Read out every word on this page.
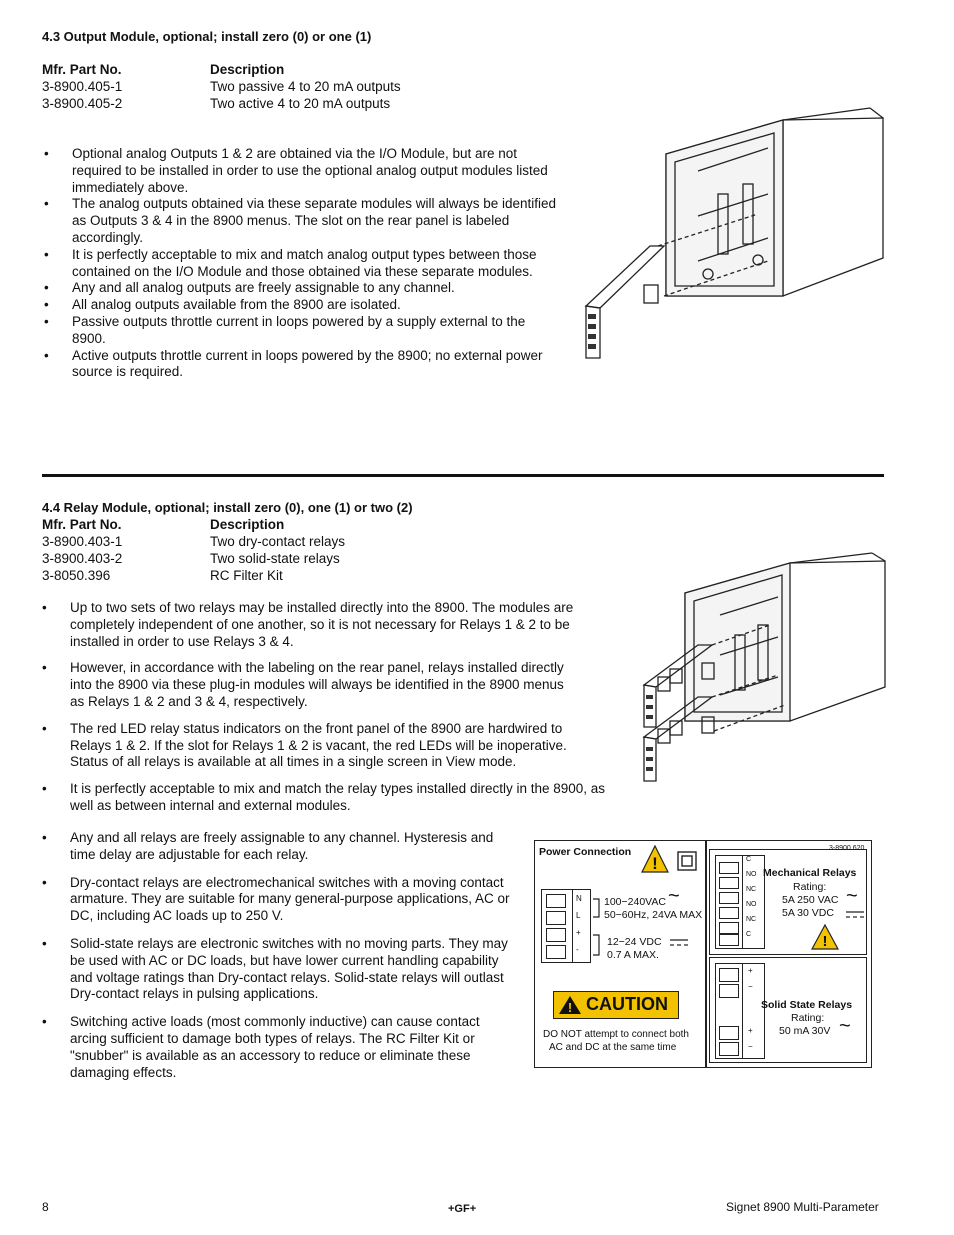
4.3 Output Module, optional; install zero (0) or one (1)
Mfr. Part No.	Description
3-8900.405-1	Two passive 4 to 20 mA outputs
3-8900.405-2	Two active 4 to 20 mA outputs
• Optional analog Outputs 1 & 2 are obtained via the I/O Module, but are not required to be installed in order to use the optional analog output modules listed immediately above.
• The analog outputs obtained via these separate modules will always be identified as Outputs 3 & 4 in the 8900 menus. The slot on the rear panel is labeled accordingly.
• It is perfectly acceptable to mix and match analog output types between those contained on the I/O Module and those obtained via these separate modules.
• Any and all analog outputs are freely assignable to any channel.
• All analog outputs available from the 8900 are isolated.
• Passive outputs throttle current in loops powered by a supply external to the 8900.
• Active outputs throttle current in loops powered by the 8900; no external power source is required.
4.4 Relay Module, optional; install zero (0), one (1) or two (2)
Mfr. Part No.	Description
3-8900.403-1	Two dry-contact relays
3-8900.403-2	Two solid-state relays
3-8050.396	RC Filter Kit
• Up to two sets of two relays may be installed directly into the 8900. The modules are completely independent of one another, so it is not necessary for Relays 1 & 2 to be installed in order to use Relays 3 & 4.
• However, in accordance with the labeling on the rear panel, relays installed directly into the 8900 via these plug-in modules will always be identified in the 8900 menus as Relays 1 & 2 and 3 & 4, respectively.
• The red LED relay status indicators on the front panel of the 8900 are hardwired to Relays 1 & 2. If the slot for Relays 1 & 2 is vacant, the red LEDs will be inoperative. Status of all relays is available at all times in a single screen in View mode.
• It is perfectly acceptable to mix and match the relay types installed directly in the 8900, as well as between internal and external modules.
• Any and all relays are freely assignable to any channel. Hysteresis and time delay are adjustable for each relay.
• Dry-contact relays are electromechanical switches with a moving contact armature. They are suitable for many general-purpose applications, AC or DC, including AC loads up to 250 V.
• Solid-state relays are electronic switches with no moving parts. They may be used with AC or DC loads, but have lower current handling capability and voltage ratings than Dry-contact relays. Solid-state relays will outlast Dry-contact relays in pulsing applications.
• Switching active loads (most commonly inductive) can cause contact arcing sufficient to damage both types of relays. The RC Filter Kit or "snubber" is available as an accessory to reduce or eliminate these damaging effects.
Power Connection
!
N
L
+
-
100−240VAC ~
50−60Hz, 24VA MAX
12−24 VDC
0.7 A MAX.
! CAUTION
DO NOT attempt to connect both
AC and DC at the same time
3-8900.620
C
NO
NC
NO
NC
C
Mechanical Relays
Rating:
5A 250 VAC ~
5A 30 VDC
!
+
−
+
−
Solid State Relays
Rating:
50 mA 30V ~
8	+GF+	Signet 8900 Multi-Parameter
